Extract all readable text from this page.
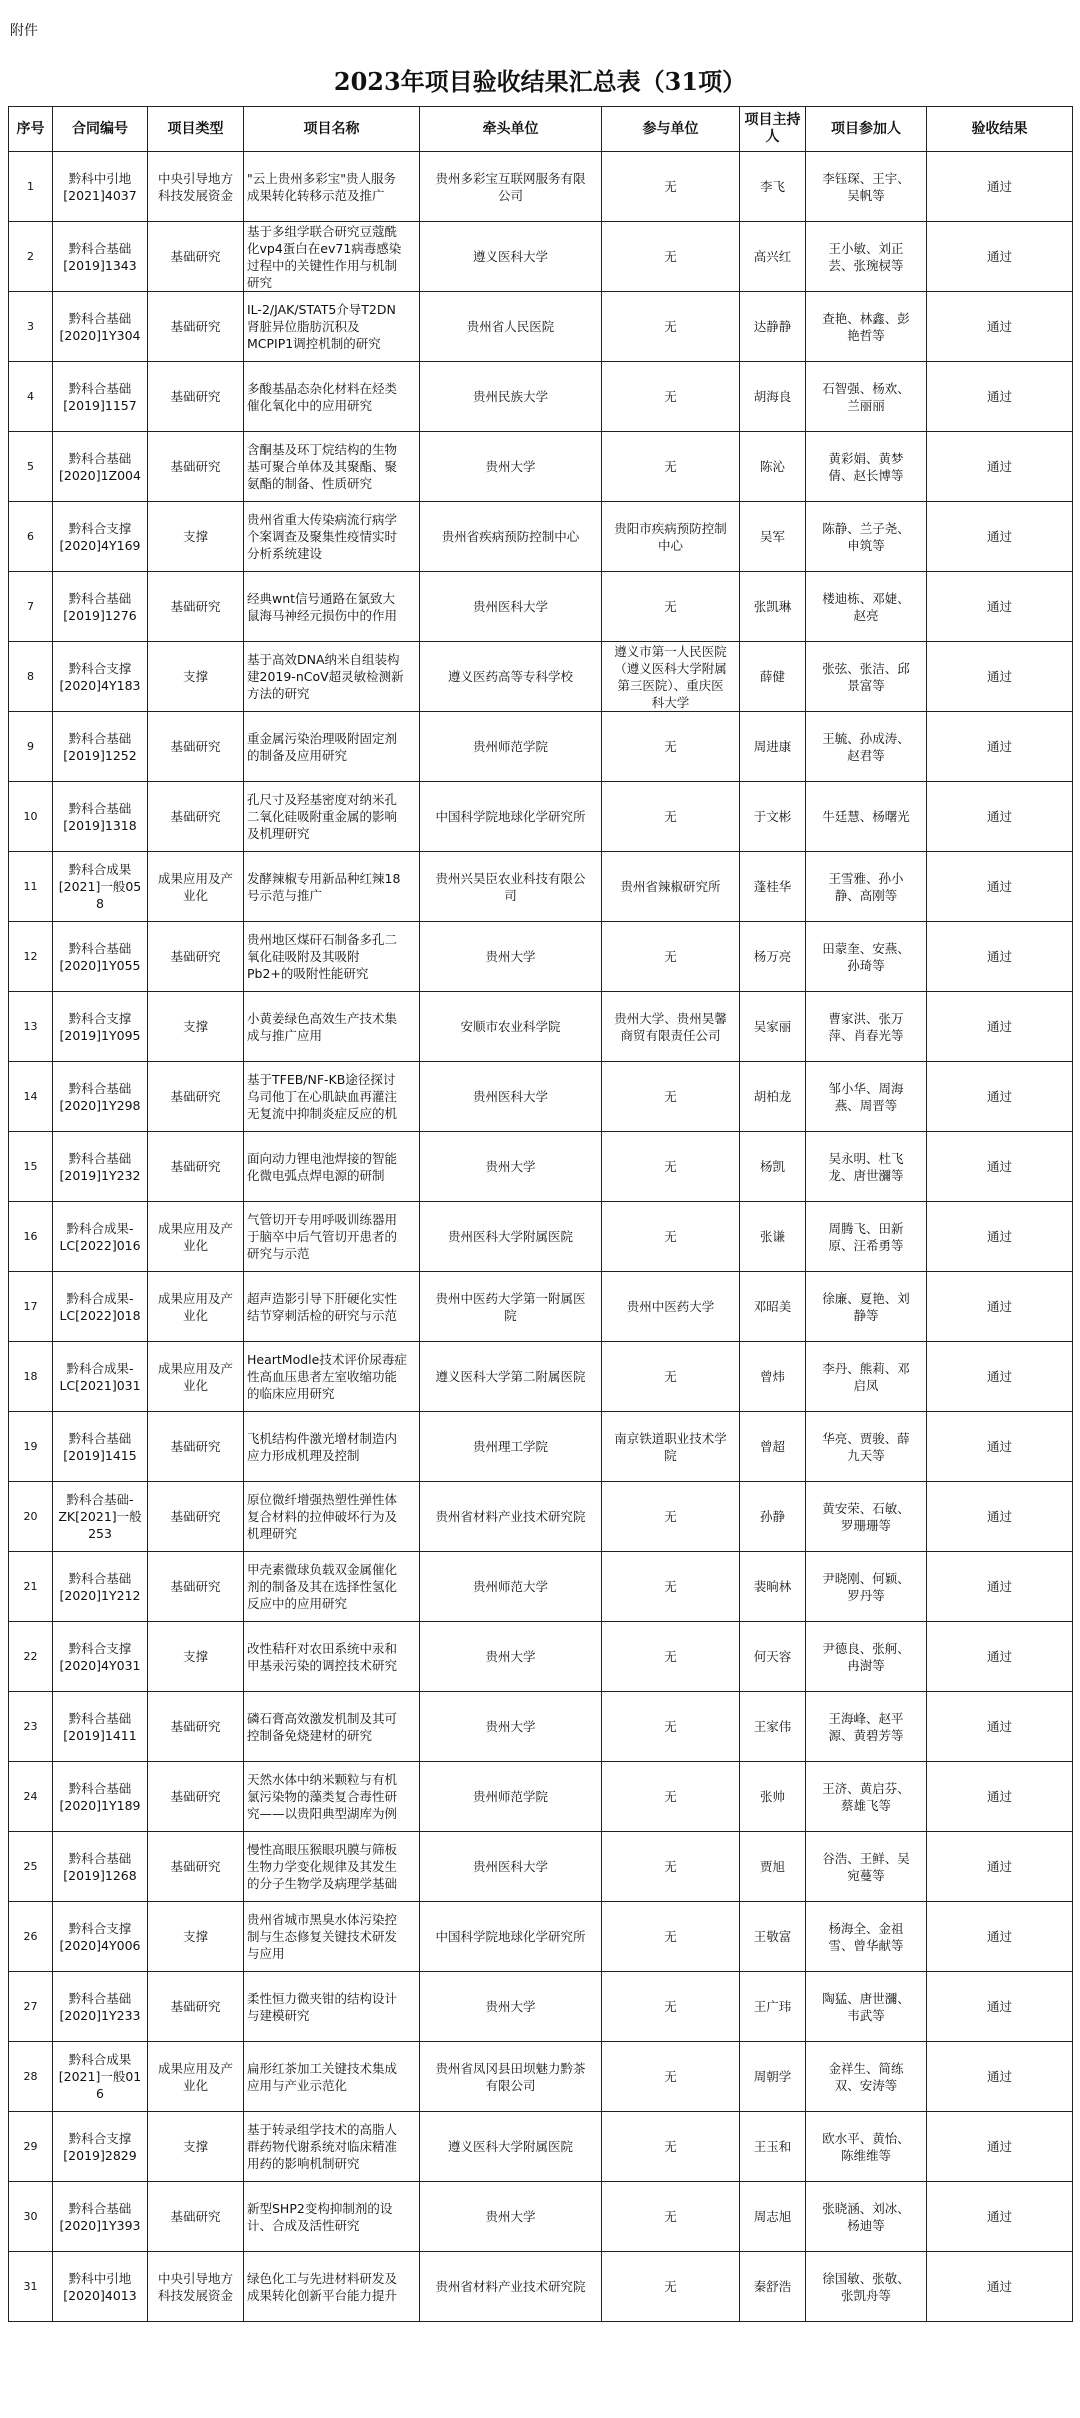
附件
2023年项目验收结果汇总表（31项）
序号	合同编号	项目类型	项目名称	牵头单位	参与单位	项目主持人	项目参加人	验收结果
1	黔科中引地
[2021]4037	中央引导地方
科技发展资金	"云上贵州多彩宝"贵人服务
成果转化转移示范及推广	贵州多彩宝互联网服务有限
公司	无	李飞	李钰琛、王宇、
吴帆等	通过
2	黔科合基础
[2019]1343	基础研究	基于多组学联合研究豆蔻酰
化vp4蛋白在ev71病毒感染
过程中的关键性作用与机制
研究	遵义医科大学	无	高兴红	王小敏、刘正
芸、张琬棂等	通过
3	黔科合基础
[2020]1Y304	基础研究	IL-2/JAK/STAT5介导T2DN
肾脏异位脂肪沉积及
MCPIP1调控机制的研究	贵州省人民医院	无	达静静	查艳、林鑫、彭
艳哲等	通过
4	黔科合基础
[2019]1157	基础研究	多酸基晶态杂化材料在烃类
催化氧化中的应用研究	贵州民族大学	无	胡海良	石智强、杨欢、
兰丽丽	通过
5	黔科合基础
[2020]1Z004	基础研究	含酮基及环丁烷结构的生物
基可聚合单体及其聚酯、聚
氨酯的制备、性质研究	贵州大学	无	陈沁	黄彩娟、黄梦
倩、赵长博等	通过
6	黔科合支撑
[2020]4Y169	支撑	贵州省重大传染病流行病学
个案调查及聚集性疫情实时
分析系统建设	贵州省疾病预防控制中心	贵阳市疾病预防控制
中心	吴军	陈静、兰子尧、
申筑等	通过
7	黔科合基础
[2019]1276	基础研究	经典wnt信号通路在氯致大
鼠海马神经元损伤中的作用	贵州医科大学	无	张凯琳	楼迪栋、邓婕、
赵亮	通过
8	黔科合支撑
[2020]4Y183	支撑	基于高效DNA纳米自组装构
建2019-nCoV超灵敏检测新
方法的研究	遵义医药高等专科学校	遵义市第一人民医院
（遵义医科大学附属
第三医院）、重庆医
科大学	薛健	张弦、张洁、邱
景富等	通过
9	黔科合基础
[2019]1252	基础研究	重金属污染治理吸附固定剂
的制备及应用研究	贵州师范学院	无	周进康	王毓、孙成涛、
赵君等	通过
10	黔科合基础
[2019]1318	基础研究	孔尺寸及羟基密度对纳米孔
二氧化硅吸附重金属的影响
及机理研究	中国科学院地球化学研究所	无	于文彬	牛廷慧、杨曙光	通过
11	黔科合成果
[2021]一般058	成果应用及产
业化	发酵辣椒专用新品种红辣18
号示范与推广	贵州兴昊臣农业科技有限公
司	贵州省辣椒研究所	蓬桂华	王雪雅、孙小
静、高刚等	通过
12	黔科合基础
[2020]1Y055	基础研究	贵州地区煤矸石制备多孔二
氧化硅吸附及其吸附
Pb2+的吸附性能研究	贵州大学	无	杨万亮	田蒙奎、安燕、
孙琦等	通过
13	黔科合支撑
[2019]1Y095	支撑	小黄姜绿色高效生产技术集
成与推广应用	安顺市农业科学院	贵州大学、贵州昊馨
商贸有限责任公司	吴家丽	曹家洪、张万
萍、肖春光等	通过
14	黔科合基础
[2020]1Y298	基础研究	基于TFEB/NF-KB途径探讨
乌司他丁在心肌缺血再灌注
无复流中抑制炎症反应的机	贵州医科大学	无	胡柏龙	邹小华、周海
燕、周晋等	通过
15	黔科合基础
[2019]1Y232	基础研究	面向动力锂电池焊接的智能
化微电弧点焊电源的研制	贵州大学	无	杨凯	吴永明、杜飞
龙、唐世瀰等	通过
16	黔科合成果-
LC[2022]016	成果应用及产
业化	气管切开专用呼吸训练器用
于脑卒中后气管切开患者的
研究与示范	贵州医科大学附属医院	无	张谦	周腾飞、田新
原、汪希勇等	通过
17	黔科合成果-
LC[2022]018	成果应用及产
业化	超声造影引导下肝硬化实性
结节穿刺活检的研究与示范	贵州中医药大学第一附属医
院	贵州中医药大学	邓昭美	徐廉、夏艳、刘
静等	通过
18	黔科合成果-
LC[2021]031	成果应用及产
业化	HeartModle技术评价尿毒症
性高血压患者左室收缩功能
的临床应用研究	遵义医科大学第二附属医院	无	曾炜	李丹、熊莉、邓
启凤	通过
19	黔科合基础
[2019]1415	基础研究	飞机结构件激光增材制造内
应力形成机理及控制	贵州理工学院	南京铁道职业技术学
院	曾超	华亮、贾骏、薛
九天等	通过
20	黔科合基础-
ZK[2021]一般
253	基础研究	原位微纤增强热塑性弹性体
复合材料的拉伸破坏行为及
机理研究	贵州省材料产业技术研究院	无	孙静	黄安荣、石敏、
罗珊珊等	通过
21	黔科合基础
[2020]1Y212	基础研究	甲壳素微球负载双金属催化
剂的制备及其在选择性氢化
反应中的应用研究	贵州师范大学	无	裴晌林	尹晓刚、何颖、
罗丹等	通过
22	黔科合支撑
[2020]4Y031	支撑	改性秸秆对农田系统中汞和
甲基汞污染的调控技术研究	贵州大学	无	何天容	尹德良、张舸、
冉澍等	通过
23	黔科合基础
[2019]1411	基础研究	磷石膏高效激发机制及其可
控制备免烧建材的研究	贵州大学	无	王家伟	王海峰、赵平
源、黄碧芳等	通过
24	黔科合基础
[2020]1Y189	基础研究	天然水体中纳米颗粒与有机
氯污染物的藻类复合毒性研
究——以贵阳典型湖库为例	贵州师范学院	无	张帅	王济、黄启芬、
蔡雄飞等	通过
25	黔科合基础
[2019]1268	基础研究	慢性高眼压猴眼巩膜与筛板
生物力学变化规律及其发生
的分子生物学及病理学基础	贵州医科大学	无	贾旭	谷浩、王鲜、吴
宛蔓等	通过
26	黔科合支撑
[2020]4Y006	支撑	贵州省城市黑臭水体污染控
制与生态修复关键技术研发
与应用	中国科学院地球化学研究所	无	王敬富	杨海全、金祖
雪、曾华献等	通过
27	黔科合基础
[2020]1Y233	基础研究	柔性恒力微夹钳的结构设计
与建模研究	贵州大学	无	王广玮	陶猛、唐世瀰、
韦武等	通过
28	黔科合成果
[2021]一般016	成果应用及产
业化	扁形红茶加工关键技术集成
应用与产业示范化	贵州省凤冈县田坝魅力黔茶
有限公司	无	周朝学	金祥生、简练
双、安涛等	通过
29	黔科合支撑
[2019]2829	支撑	基于转录组学技术的高脂人
群药物代谢系统对临床精准
用药的影响机制研究	遵义医科大学附属医院	无	王玉和	欧水平、黄怡、
陈维维等	通过
30	黔科合基础
[2020]1Y393	基础研究	新型SHP2变构抑制剂的设
计、合成及活性研究	贵州大学	无	周志旭	张晓涵、刘冰、
杨迪等	通过
31	黔科中引地
[2020]4013	中央引导地方
科技发展资金	绿色化工与先进材料研发及
成果转化创新平台能力提升	贵州省材料产业技术研究院	无	秦舒浩	徐国敏、张敬、
张凯舟等	通过
